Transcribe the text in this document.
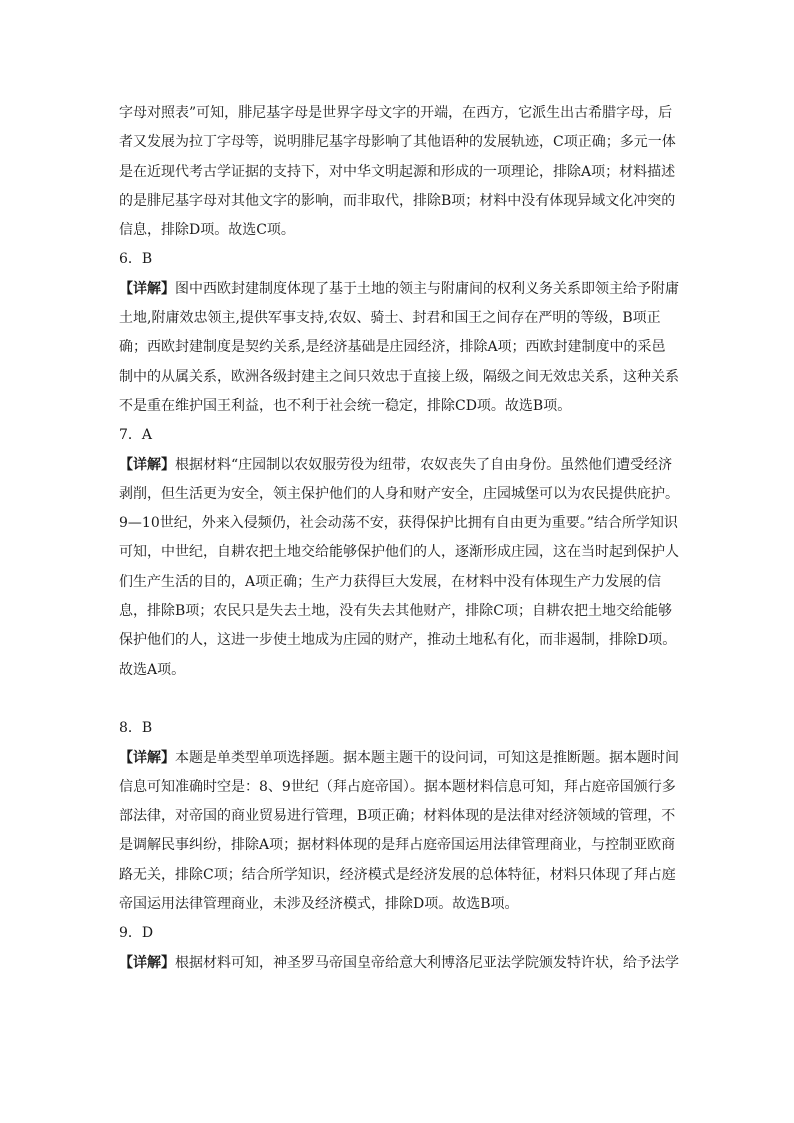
字母对照表”可知，腓尼基字母是世界字母文字的开端，在西方，它派生出古希腊字母，后者又发展为拉丁字母等，说明腓尼基字母影响了其他语种的发展轨迹，C项正确；多元一体是在近现代考古学证据的支持下，对中华文明起源和形成的一项理论，排除A项；材料描述的是腓尼基字母对其他文字的影响，而非取代，排除B项；材料中没有体现异域文化冲突的信息，排除D项。故选C项。

6．B

【详解】图中西欧封建制度体现了基于土地的领主与附庸间的权利义务关系即领主给予附庸土地,附庸效忠领主,提供军事支持,农奴、骑士、封君和国王之间存在严明的等级，B项正确；西欧封建制度是契约关系,是经济基础是庄园经济，排除A项；西欧封建制度中的采邑制中的从属关系，欧洲各级封建主之间只效忠于直接上级，隔级之间无效忠关系，这种关系不是重在维护国王利益，也不利于社会统一稳定，排除CD项。故选B项。

7．A

【详解】根据材料“庄园制以农奴服劳役为纽带，农奴丧失了自由身份。虽然他们遭受经济剥削，但生活更为安全，领主保护他们的人身和财产安全，庄园城堡可以为农民提供庇护。9—10世纪，外来入侵频仍，社会动荡不安，获得保护比拥有自由更为重要。”结合所学知识可知，中世纪，自耕农把土地交给能够保护他们的人，逐渐形成庄园，这在当时起到保护人们生产生活的目的，A项正确；生产力获得巨大发展，在材料中没有体现生产力发展的信息，排除B项；农民只是失去土地，没有失去其他财产，排除C项；自耕农把土地交给能够保护他们的人，这进一步使土地成为庄园的财产，推动土地私有化，而非遏制，排除D项。故选A项。

8．B

【详解】本题是单类型单项选择题。据本题主题干的设问词，可知这是推断题。据本题时间信息可知准确时空是：8、9世纪（拜占庭帝国）。据本题材料信息可知，拜占庭帝国颁行多部法律，对帝国的商业贸易进行管理，B项正确；材料体现的是法律对经济领域的管理，不是调解民事纠纷，排除A项；据材料体现的是拜占庭帝国运用法律管理商业，与控制亚欧商路无关，排除C项；结合所学知识，经济模式是经济发展的总体特征，材料只体现了拜占庭帝国运用法律管理商业，未涉及经济模式，排除D项。故选B项。

9．D

【详解】根据材料可知，神圣罗马帝国皇帝给意大利博洛尼亚法学院颁发特许状，给予法学
